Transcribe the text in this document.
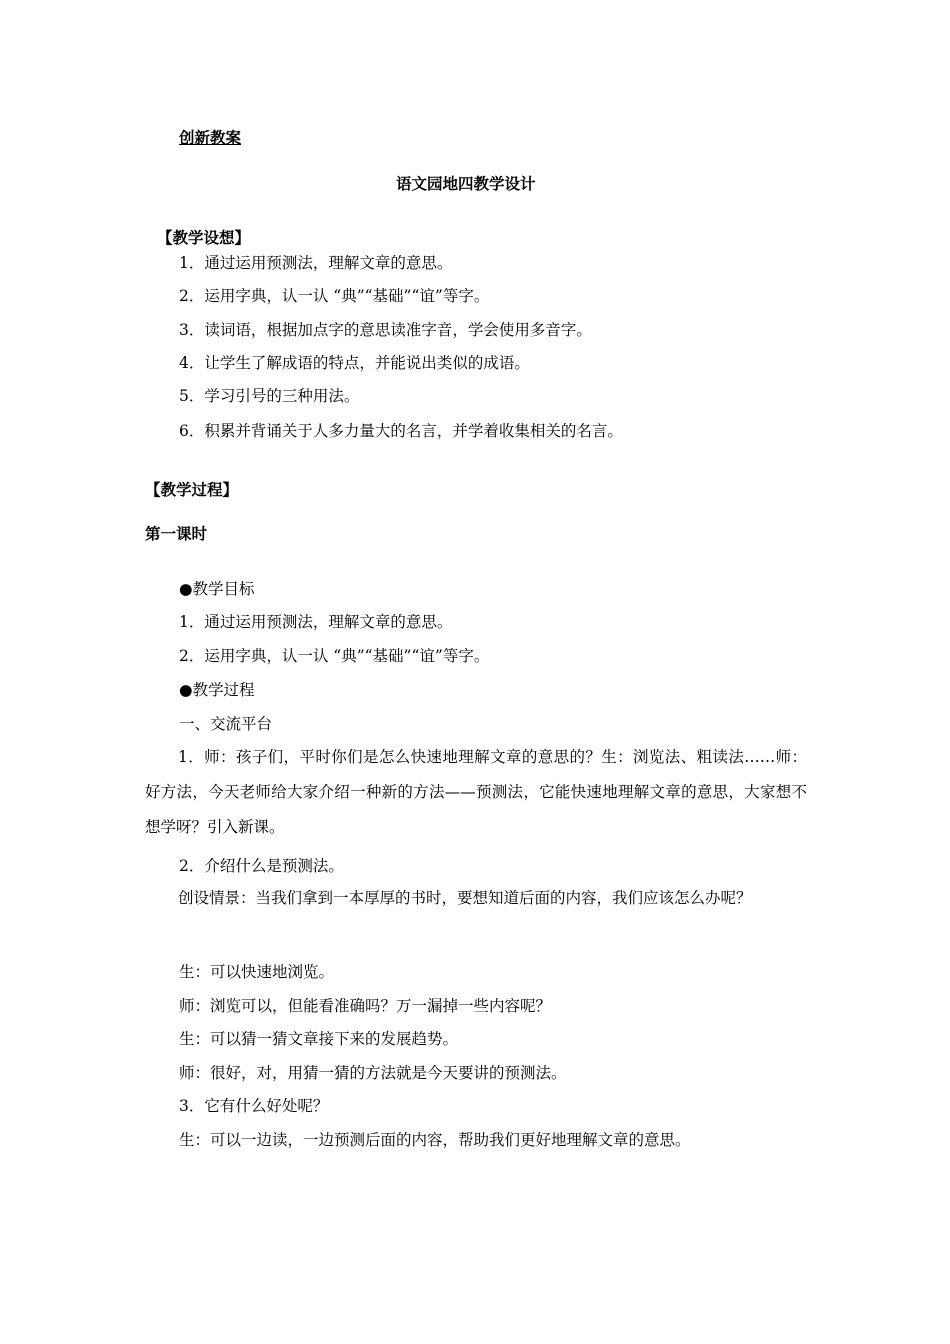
创新教案
语文园地四教学设计
【教学设想】
1．通过运用预测法，理解文章的意思。
2．运用字典，认一认 “典”“基础”“谊”等字。
3．读词语，根据加点字的意思读准字音，学会使用多音字。
4．让学生了解成语的特点，并能说出类似的成语。
5．学习引号的三种用法。
6．积累并背诵关于人多力量大的名言，并学着收集相关的名言。
【教学过程】
第一课时
●教学目标
1．通过运用预测法，理解文章的意思。
2．运用字典，认一认 “典”“基础”“谊”等字。
●教学过程
一、交流平台
1．师：孩子们，平时你们是怎么快速地理解文章的意思的？生：浏览法、粗读法……师：好方法，今天老师给大家介绍一种新的方法——预测法，它能快速地理解文章的意思，大家想不想学呀？引入新课。
2．介绍什么是预测法。
创设情景：当我们拿到一本厚厚的书时，要想知道后面的内容，我们应该怎么办呢？
生：可以快速地浏览。
师：浏览可以，但能看准确吗？万一漏掉一些内容呢？
生：可以猜一猜文章接下来的发展趋势。
师：很好，对，用猜一猜的方法就是今天要讲的预测法。
3．它有什么好处呢？
生：可以一边读，一边预测后面的内容，帮助我们更好地理解文章的意思。
